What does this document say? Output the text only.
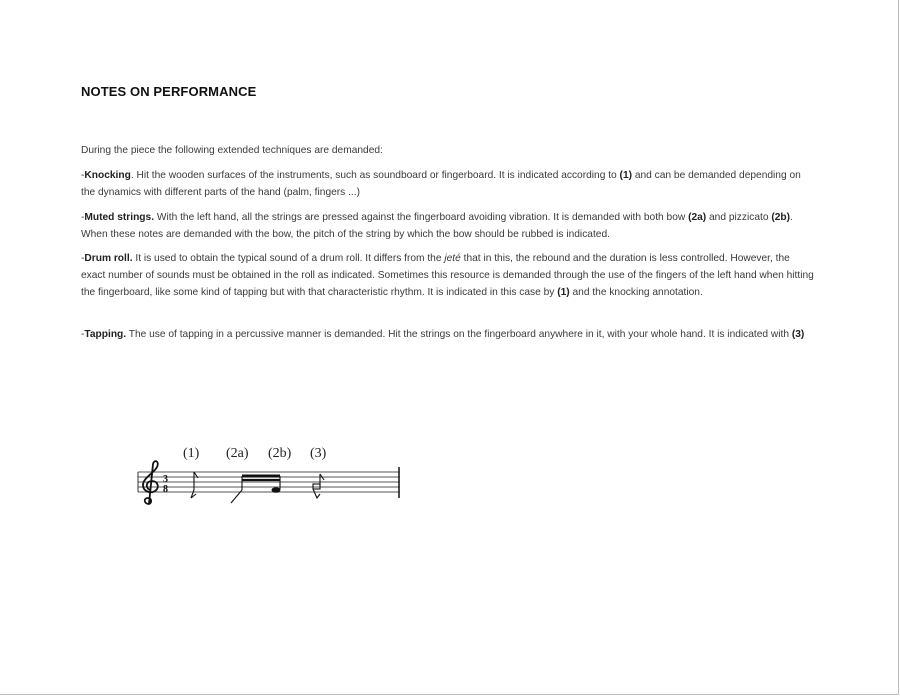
NOTES ON PERFORMANCE
During the piece the following extended techniques are demanded:
-Knocking. Hit the wooden surfaces of the instruments, such as soundboard or fingerboard. It is indicated according to (1) and can be demanded depending on the dynamics with different parts of the hand (palm, fingers ...)
-Muted strings. With the left hand, all the strings are pressed against the fingerboard avoiding vibration. It is demanded with both bow (2a) and pizzicato (2b). When these notes are demanded with the bow, the pitch of the string by which the bow should be rubbed is indicated.
-Drum roll. It is used to obtain the typical sound of a drum roll. It differs from the jeté that in this, the rebound and the duration is less controlled. However, the exact number of sounds must be obtained in the roll as indicated. Sometimes this resource is demanded through the use of the fingers of the left hand when hitting the fingerboard, like some kind of tapping but with that characteristic rhythm. It is indicated in this case by (1) and the knocking annotation.
-Tapping. The use of tapping in a percussive manner is demanded. Hit the strings on the fingerboard anywhere in it, with your whole hand. It is indicated with (3)
(1) (2a) (2b) (3)
3
8
